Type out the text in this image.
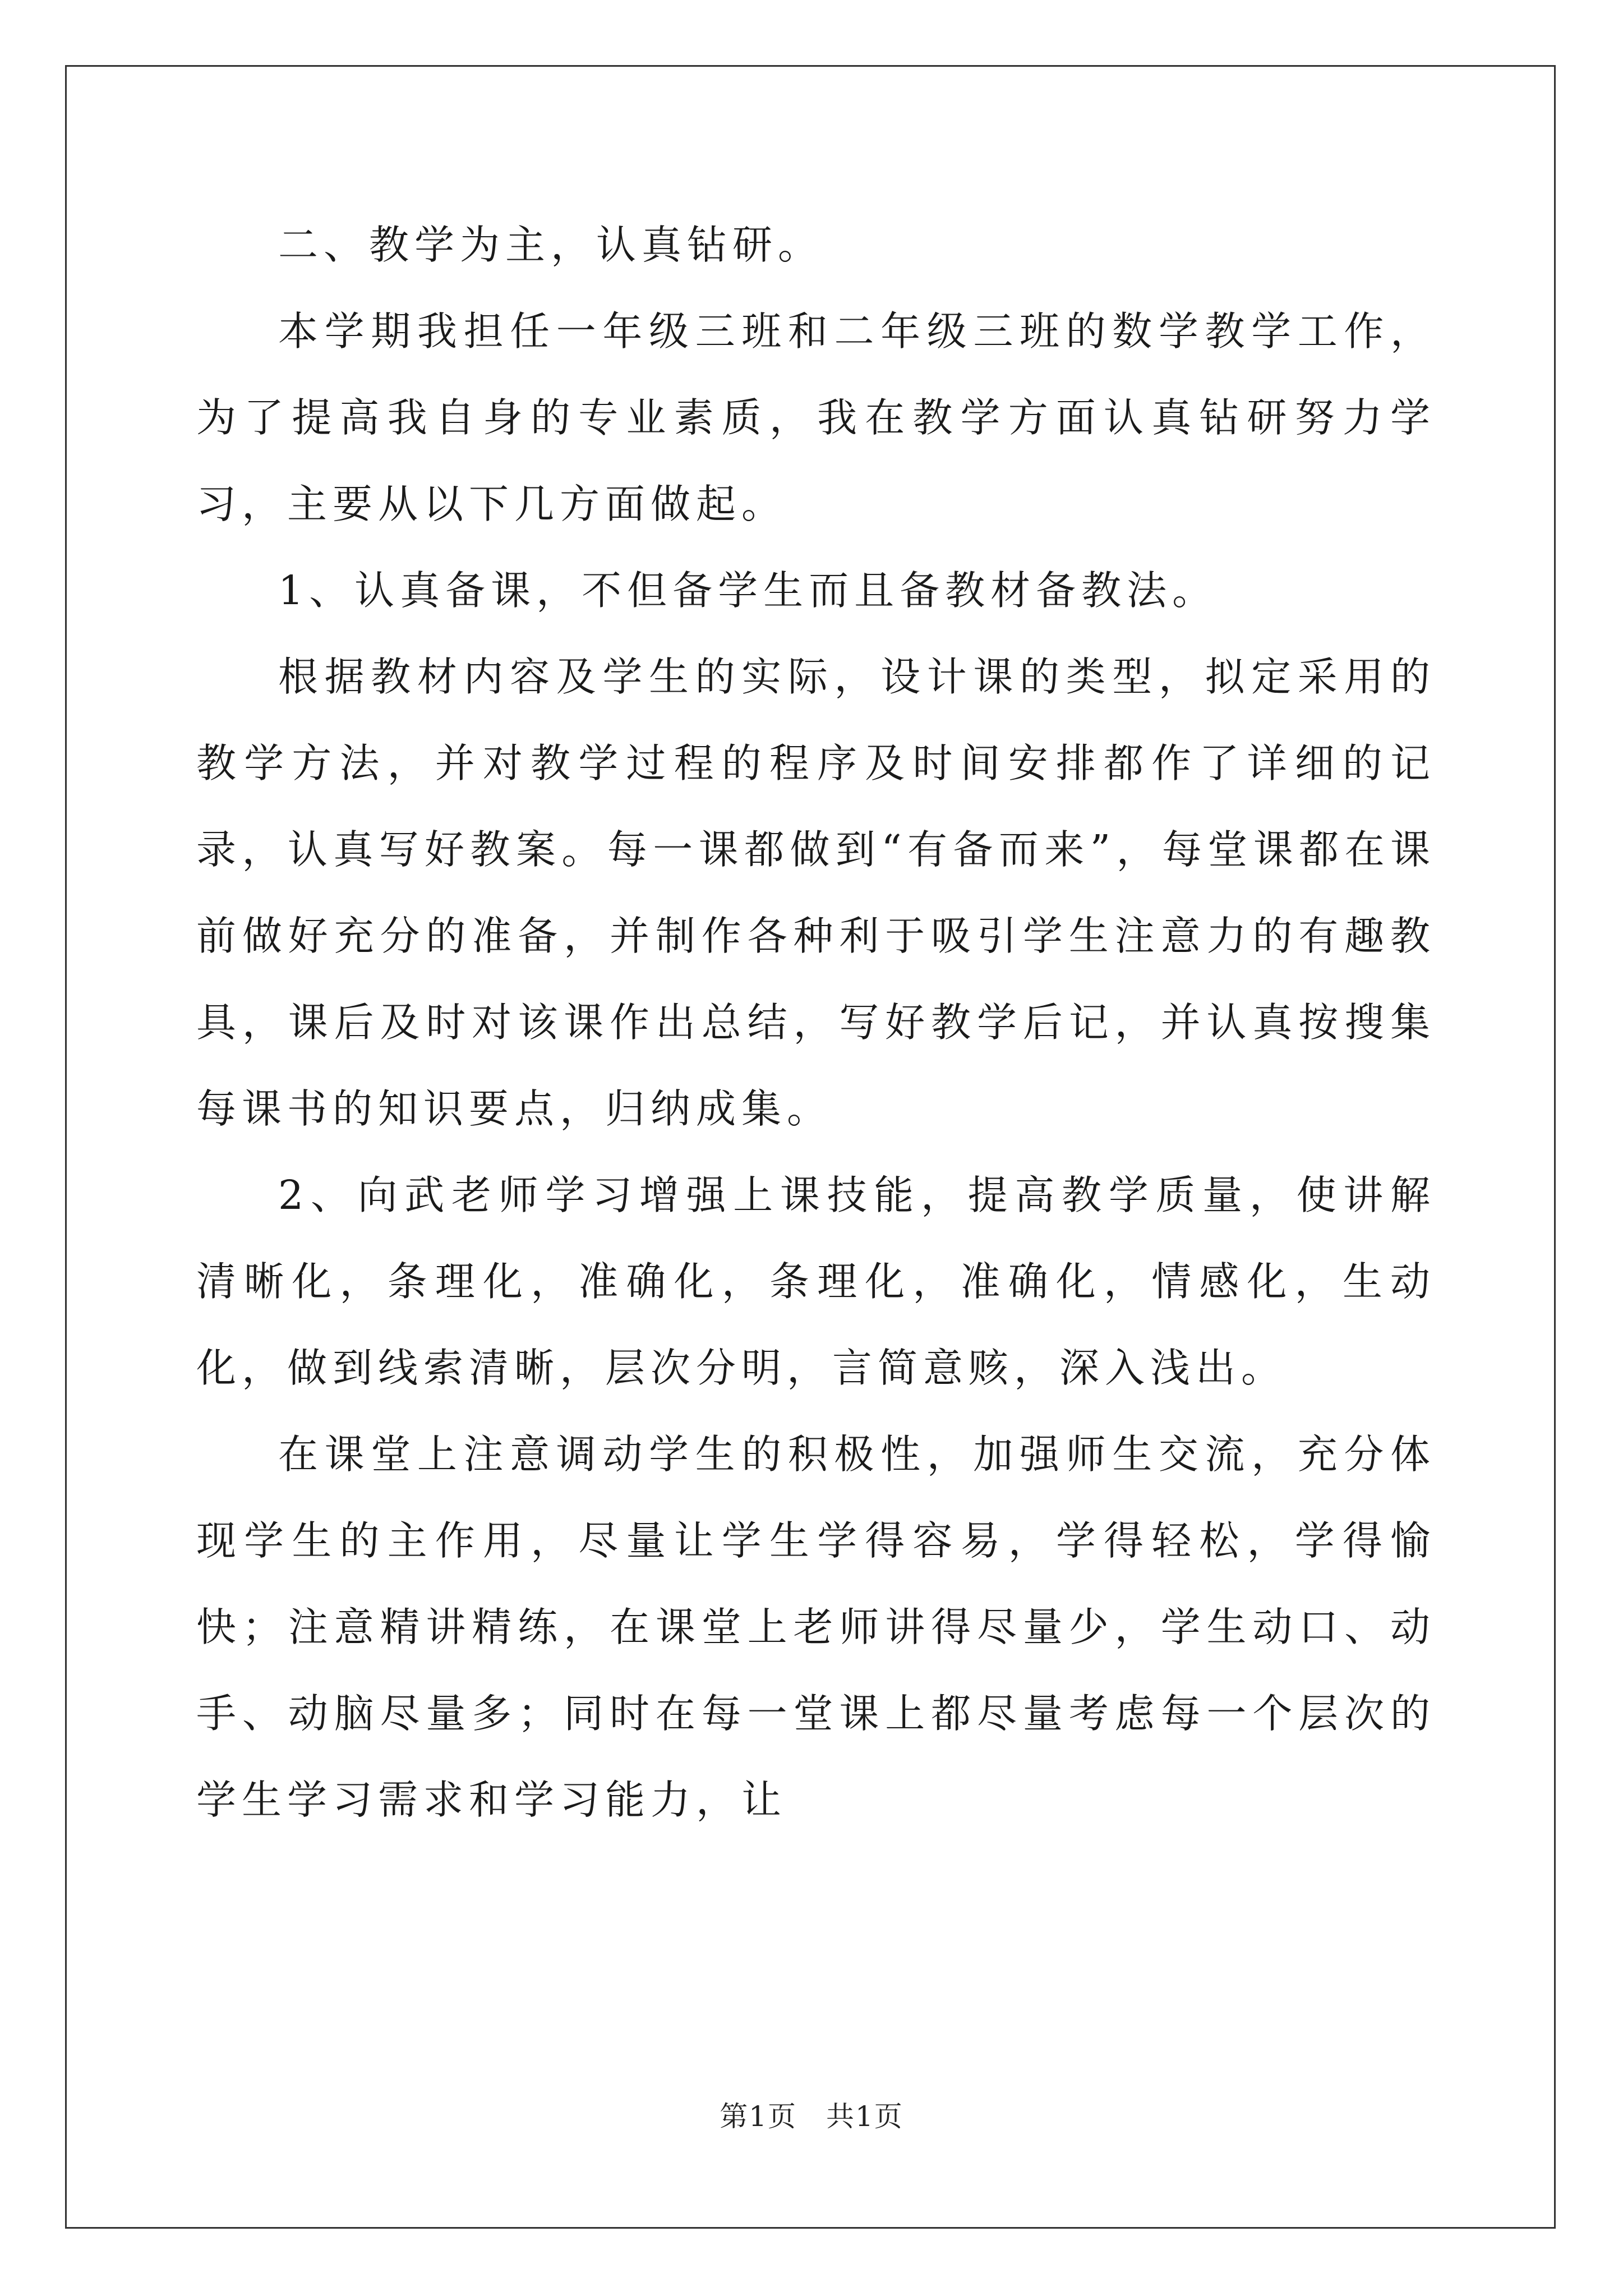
二、教学为主，认真钻研。

本学期我担任一年级三班和二年级三班的数学教学工作，为了提高我自身的专业素质，我在教学方面认真钻研努力学习，主要从以下几方面做起。

1、认真备课，不但备学生而且备教材备教法。

根据教材内容及学生的实际，设计课的类型，拟定采用的教学方法，并对教学过程的程序及时间安排都作了详细的记录，认真写好教案。每一课都做到“有备而来”，每堂课都在课前做好充分的准备，并制作各种利于吸引学生注意力的有趣教具，课后及时对该课作出总结，写好教学后记，并认真按搜集每课书的知识要点，归纳成集。

2、向武老师学习增强上课技能，提高教学质量，使讲解清晰化，条理化，准确化，条理化，准确化，情感化，生动化，做到线索清晰，层次分明，言简意赅，深入浅出。

在课堂上注意调动学生的积极性，加强师生交流，充分体现学生的主作用，尽量让学生学得容易，学得轻松，学得愉快；注意精讲精练，在课堂上老师讲得尽量少，学生动口、动手、动脑尽量多；同时在每一堂课上都尽量考虑每一个层次的学生学习需求和学习能力，让

第1页　共1页
